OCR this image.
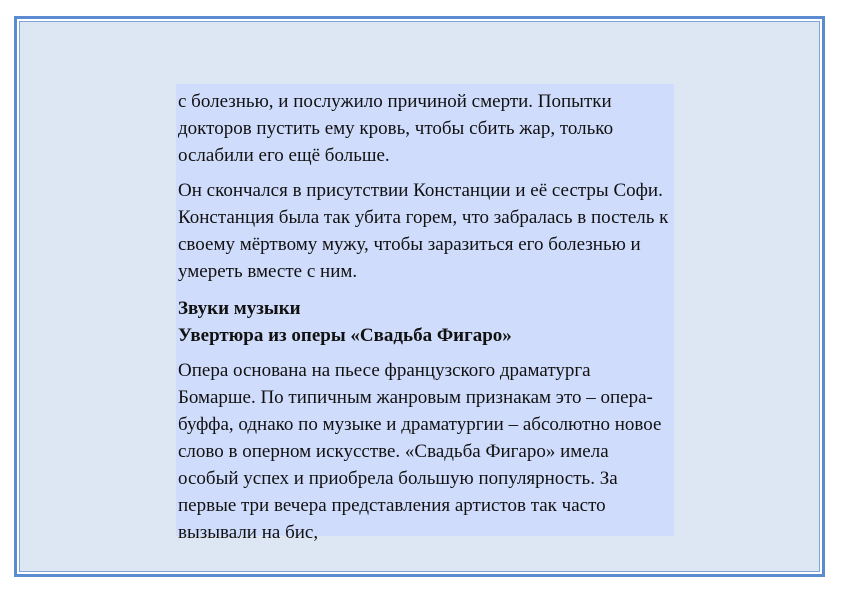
с болезнью, и послужило причиной смерти. Попытки докторов пустить ему кровь, чтобы сбить жар, только ослабили его ещё больше.

Он скончался в присутствии Констанции и её сестры Софи. Констанция была так убита горем, что забралась в постель к своему мёртвому мужу, чтобы заразиться его болезнью и умереть вместе с ним.

Звуки музыки

Увертюра из оперы «Свадьба Фигаро»

Опера основана на пьесе французского драматурга Бомарше. По типичным жанровым признакам это – опера-буффа, однако по музыке и драматургии – абсолютно новое слово в оперном искусстве. «Свадьба Фигаро» имела особый успех и приобрела большую популярность. За первые три вечера представления артистов так часто вызывали на бис,
